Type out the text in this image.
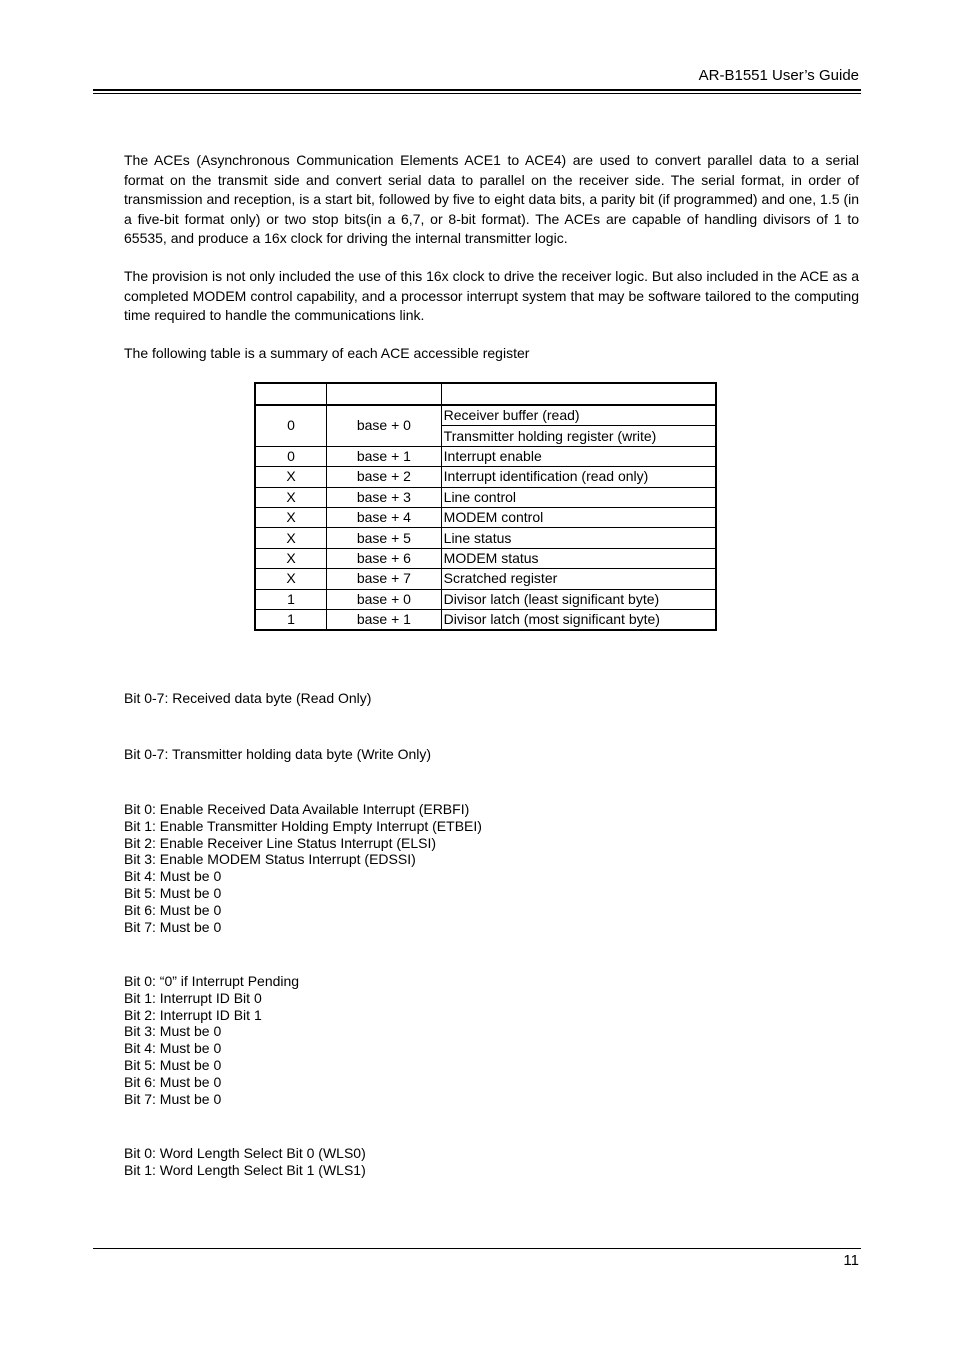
AR-B1551 User’s Guide

The ACEs (Asynchronous Communication Elements ACE1 to ACE4) are used to convert parallel data to a serial format on the transmit side and convert serial data to parallel on the receiver side. The serial format, in order of transmission and reception, is a start bit, followed by five to eight data bits, a parity bit (if programmed) and one, 1.5 (in a five-bit format only) or two stop bits(in a 6,7, or 8-bit format). The ACEs are capable of handling divisors of 1 to 65535, and produce a 16x clock for driving the internal transmitter logic.

The provision is not only included the use of this 16x clock to drive the receiver logic. But also included in the ACE as a completed MODEM control capability, and a processor interrupt system that may be software tailored to the computing time required to handle the communications link.

The following table is a summary of each ACE accessible register

0	base + 0	Receiver buffer (read)
		Transmitter holding register (write)
0	base + 1	Interrupt enable
X	base + 2	Interrupt identification (read only)
X	base + 3	Line control
X	base + 4	MODEM control
X	base + 5	Line status
X	base + 6	MODEM status
X	base + 7	Scratched register
1	base + 0	Divisor latch (least significant byte)
1	base + 1	Divisor latch (most significant byte)
Bit 0-7: Received data byte (Read Only)
Bit 0-7: Transmitter holding data byte (Write Only)
Bit 0: Enable Received Data Available Interrupt (ERBFI)
Bit 1: Enable Transmitter Holding Empty Interrupt (ETBEI)
Bit 2: Enable Receiver Line Status Interrupt (ELSI)
Bit 3: Enable MODEM Status Interrupt (EDSSI)
Bit 4: Must be 0
Bit 5: Must be 0
Bit 6: Must be 0
Bit 7: Must be 0
Bit 0: “0” if Interrupt Pending
Bit 1: Interrupt ID Bit 0
Bit 2: Interrupt ID Bit 1
Bit 3: Must be 0
Bit 4: Must be 0
Bit 5: Must be 0
Bit 6: Must be 0
Bit 7: Must be 0
Bit 0: Word Length Select Bit 0 (WLS0)
Bit 1: Word Length Select Bit 1 (WLS1)
11
